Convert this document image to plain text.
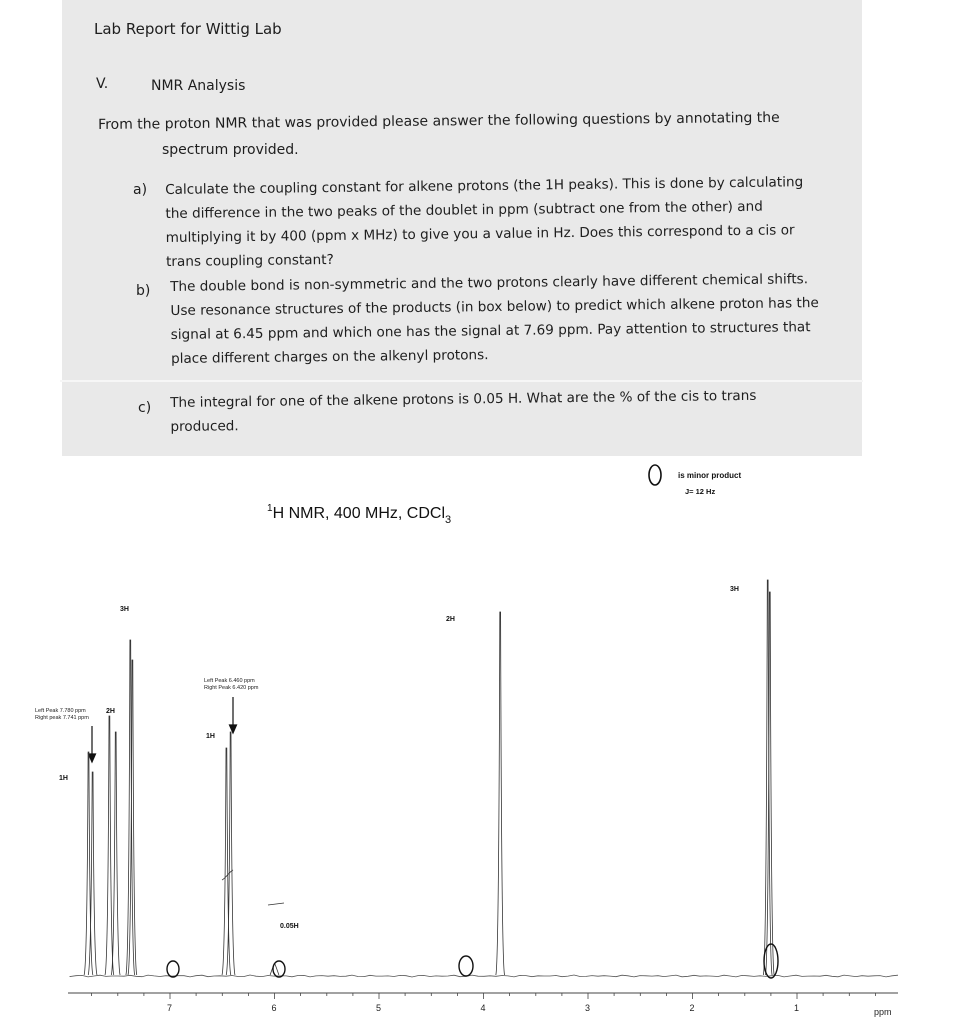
Lab Report for Wittig Lab
V.	NMR Analysis
From the proton NMR that was provided please answer the following questions by annotating the
spectrum provided.
a) Calculate the coupling constant for alkene protons (the 1H peaks). This is done by calculating
the difference in the two peaks of the doublet in ppm (subtract one from the other) and
multiplying it by 400 (ppm x MHz) to give you a value in Hz. Does this correspond to a cis or
trans coupling constant?
b) The double bond is non-symmetric and the two protons clearly have different chemical shifts.
Use resonance structures of the products (in box below) to predict which alkene proton has the
signal at 6.45 ppm and which one has the signal at 7.69 ppm. Pay attention to structures that
place different charges on the alkenyl protons.
c) The integral for one of the alkene protons is 0.05 H. What are the % of the cis to trans
produced.
$^1$H NMR, 400 MHz, CDCl$_3$
is minor product
J= 12 Hz
Left Peak 7.780 ppm
Right peak 7.741 ppm
Left Peak 6.460 ppm
Right Peak 6.420 ppm
3H
2H
1H
1H
2H
3H
0.05H
7	6	5	4	3	2	1	ppm
